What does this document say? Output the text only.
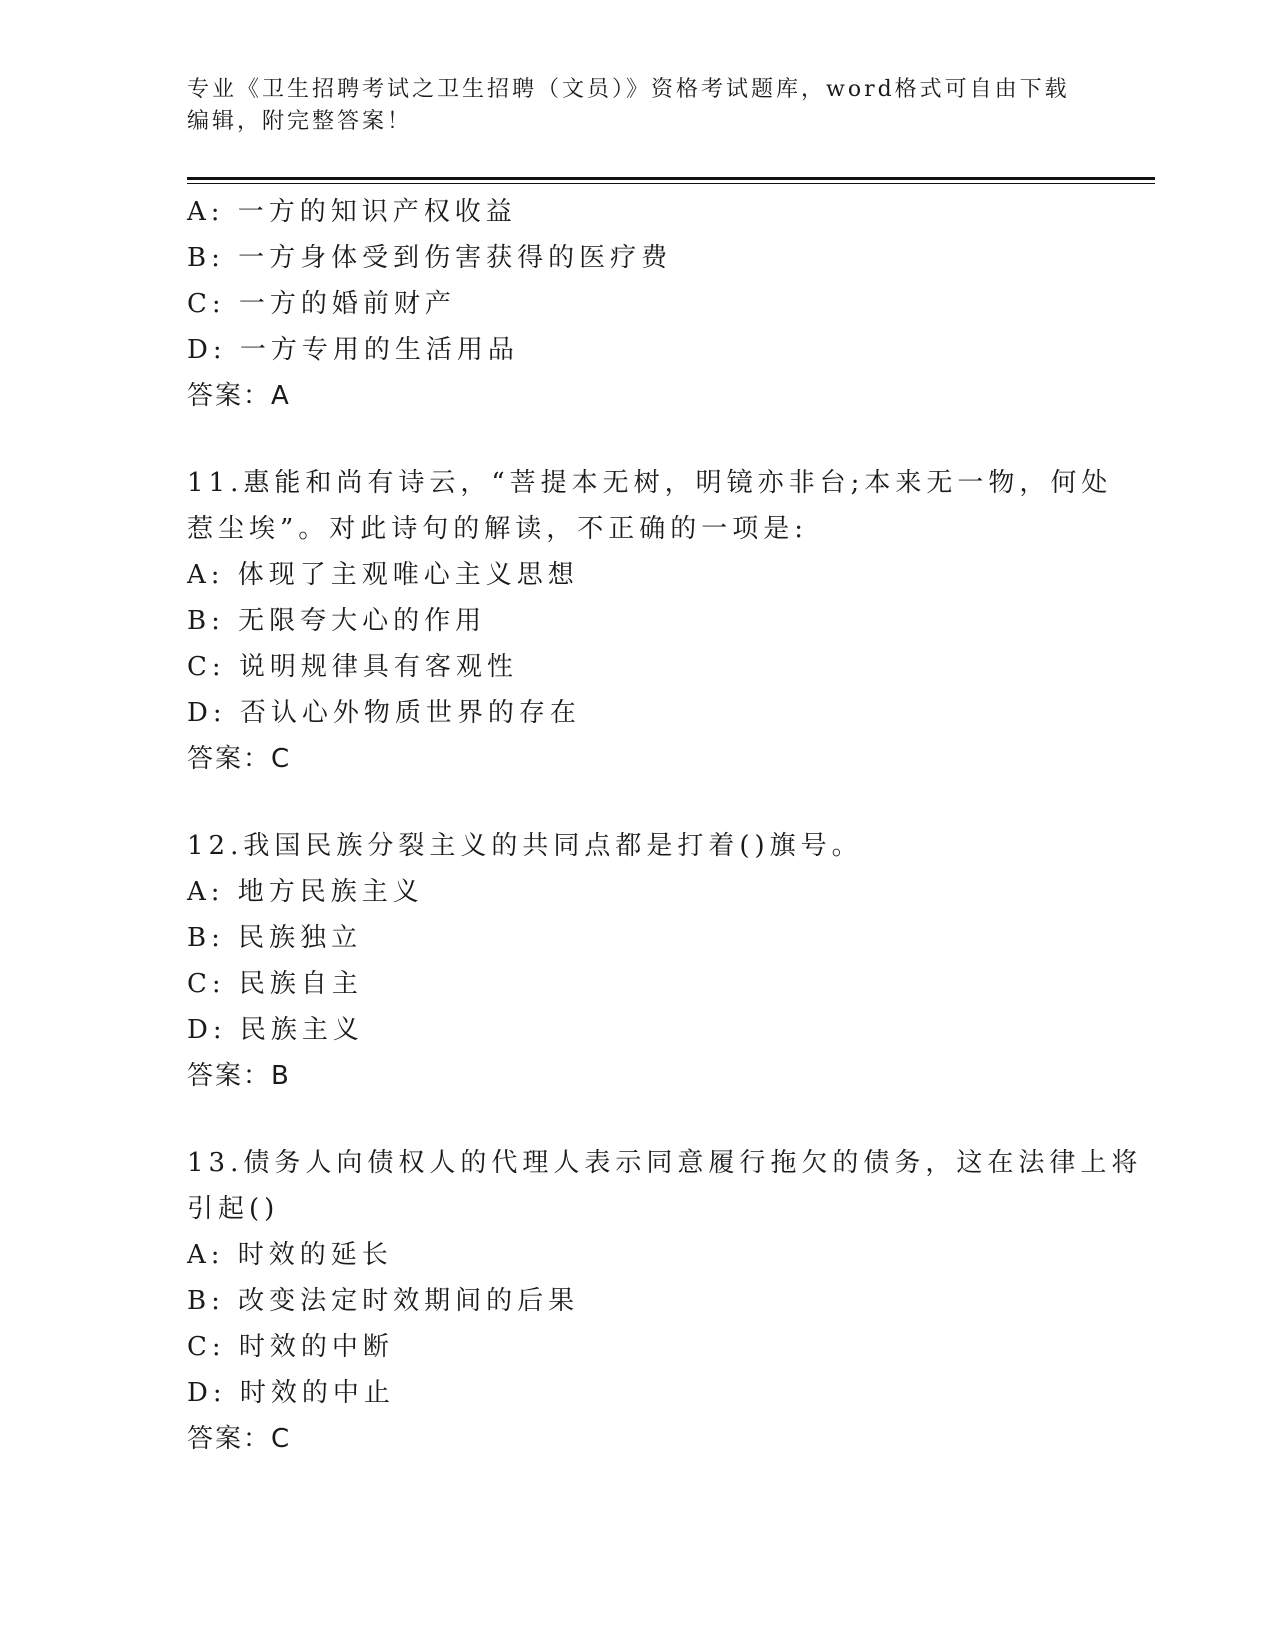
专业《卫生招聘考试之卫生招聘（文员）》资格考试题库，word格式可自由下载
编辑，附完整答案！
A: 一方的知识产权收益
B: 一方身体受到伤害获得的医疗费
C: 一方的婚前财产
D: 一方专用的生活用品
答案：A
11.惠能和尚有诗云，“菩提本无树，明镜亦非台;本来无一物，何处
惹尘埃”。对此诗句的解读，不正确的一项是:
A: 体现了主观唯心主义思想
B: 无限夸大心的作用
C: 说明规律具有客观性
D: 否认心外物质世界的存在
答案：C
12.我国民族分裂主义的共同点都是打着()旗号。
A: 地方民族主义
B: 民族独立
C: 民族自主
D: 民族主义
答案：B
13.债务人向债权人的代理人表示同意履行拖欠的债务，这在法律上将
引起()
A: 时效的延长
B: 改变法定时效期间的后果
C: 时效的中断
D: 时效的中止
答案：C
